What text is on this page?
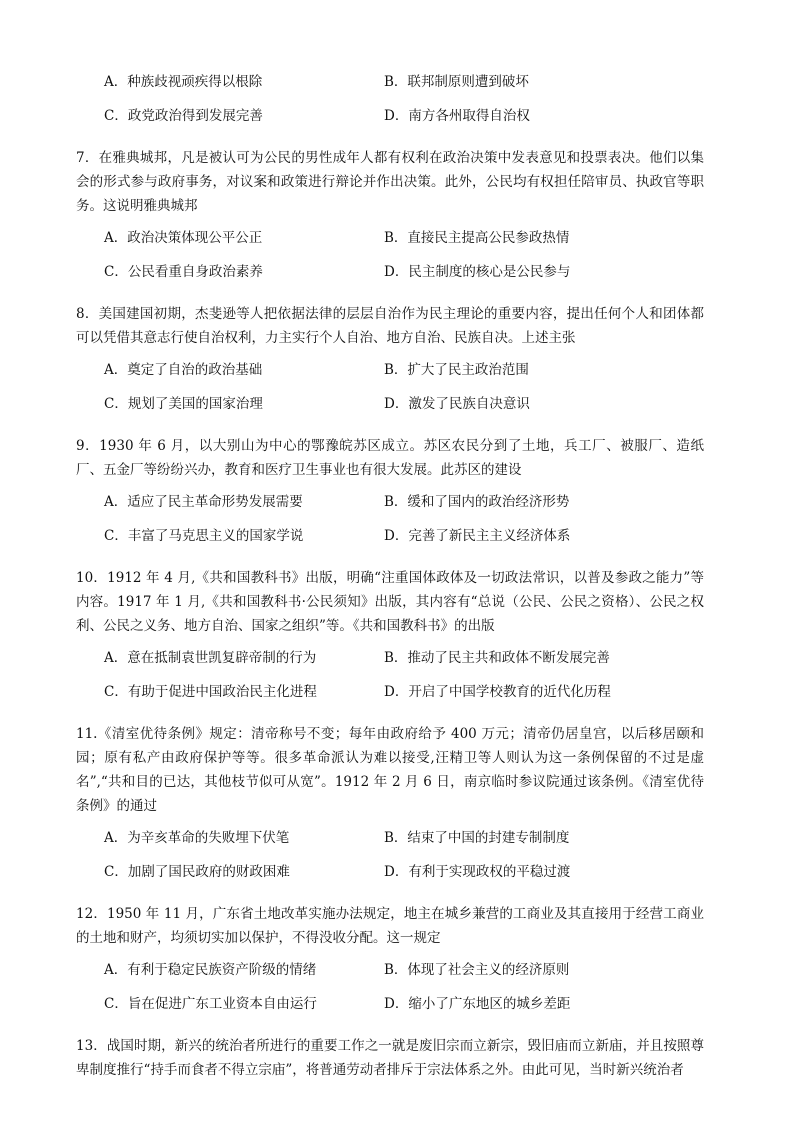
A．种族歧视顽疾得以根除	B．联邦制原则遭到破坏
C．政党政治得到发展完善	D．南方各州取得自治权

7．在雅典城邦，凡是被认可为公民的男性成年人都有权利在政治决策中发表意见和投票表决。他们以集会的形式参与政府事务，对议案和政策进行辩论并作出决策。此外，公民均有权担任陪审员、执政官等职务。这说明雅典城邦

A．政治决策体现公平公正	B．直接民主提高公民参政热情
C．公民看重自身政治素养	D．民主制度的核心是公民参与

8．美国建国初期，杰斐逊等人把依据法律的层层自治作为民主理论的重要内容，提出任何个人和团体都可以凭借其意志行使自治权利，力主实行个人自治、地方自治、民族自决。上述主张

A．奠定了自治的政治基础	B．扩大了民主政治范围
C．规划了美国的国家治理	D．激发了民族自决意识

9．1930 年 6 月，以大别山为中心的鄂豫皖苏区成立。苏区农民分到了土地，兵工厂、被服厂、造纸厂、五金厂等纷纷兴办，教育和医疗卫生事业也有很大发展。此苏区的建设

A．适应了民主革命形势发展需要	B．缓和了国内的政治经济形势
C．丰富了马克思主义的国家学说	D．完善了新民主主义经济体系

10．1912 年 4 月,《共和国教科书》出版，明确“注重国体政体及一切政法常识，以普及参政之能力”等内容。1917 年 1 月,《共和国教科书·公民须知》出版，其内容有“总说（公民、公民之资格）、公民之权利、公民之义务、地方自治、国家之组织”等。《共和国教科书》的出版

A．意在抵制袁世凯复辟帝制的行为	B．推动了民主共和政体不断发展完善
C．有助于促进中国政治民主化进程	D．开启了中国学校教育的近代化历程

11.《清室优待条例》规定：清帝称号不变；每年由政府给予 400 万元；清帝仍居皇宫，以后移居颐和园；原有私产由政府保护等等。很多革命派认为难以接受,汪精卫等人则认为这一条例保留的不过是虚名”,“共和目的已达，其他枝节似可从宽”。1912 年 2 月 6 日，南京临时参议院通过该条例。《清室优待条例》的通过

A．为辛亥革命的失败埋下伏笔	B．结束了中国的封建专制制度
C．加剧了国民政府的财政困难	D．有利于实现政权的平稳过渡

12．1950 年 11 月，广东省土地改革实施办法规定，地主在城乡兼营的工商业及其直接用于经营工商业的土地和财产，均须切实加以保护，不得没收分配。这一规定

A．有利于稳定民族资产阶级的情绪	B．体现了社会主义的经济原则
C．旨在促进广东工业资本自由运行	D．缩小了广东地区的城乡差距

13．战国时期，新兴的统治者所进行的重要工作之一就是废旧宗而立新宗，毁旧庙而立新庙，并且按照尊卑制度推行“持手而食者不得立宗庙”，将普通劳动者排斥于宗法体系之外。由此可见，当时新兴统治者
